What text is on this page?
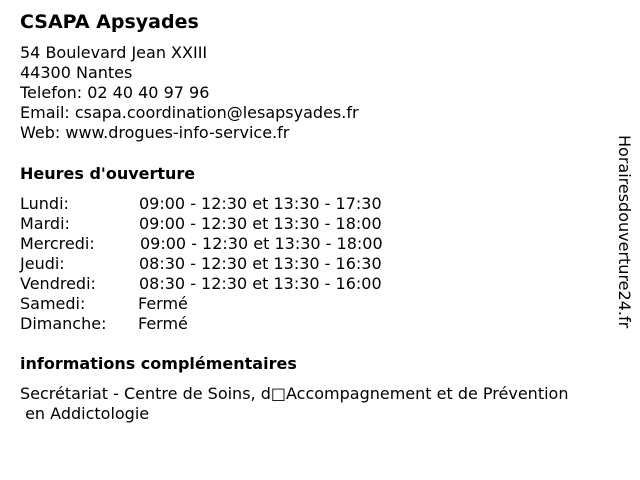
CSAPA Apsyades
54 Boulevard Jean XXIII
44300 Nantes
Telefon: 02 40 40 97 96
Email: csapa.coordination@lesapsyades.fr
Web: www.drogues-info-service.fr
Heures d'ouverture
Lundi:	09:00 - 12:30 et 13:30 - 17:30
Mardi:	09:00 - 12:30 et 13:30 - 18:00
Mercredi:	09:00 - 12:30 et 13:30 - 18:00
Jeudi:	08:30 - 12:30 et 13:30 - 16:30
Vendredi:	08:30 - 12:30 et 13:30 - 16:00
Samedi:	Fermé
Dimanche: Fermé
informations complémentaires
Secrétariat - Centre de Soins, d□Accompagnement et de Prévention
en Addictologie
Horairesdouverture24.fr
